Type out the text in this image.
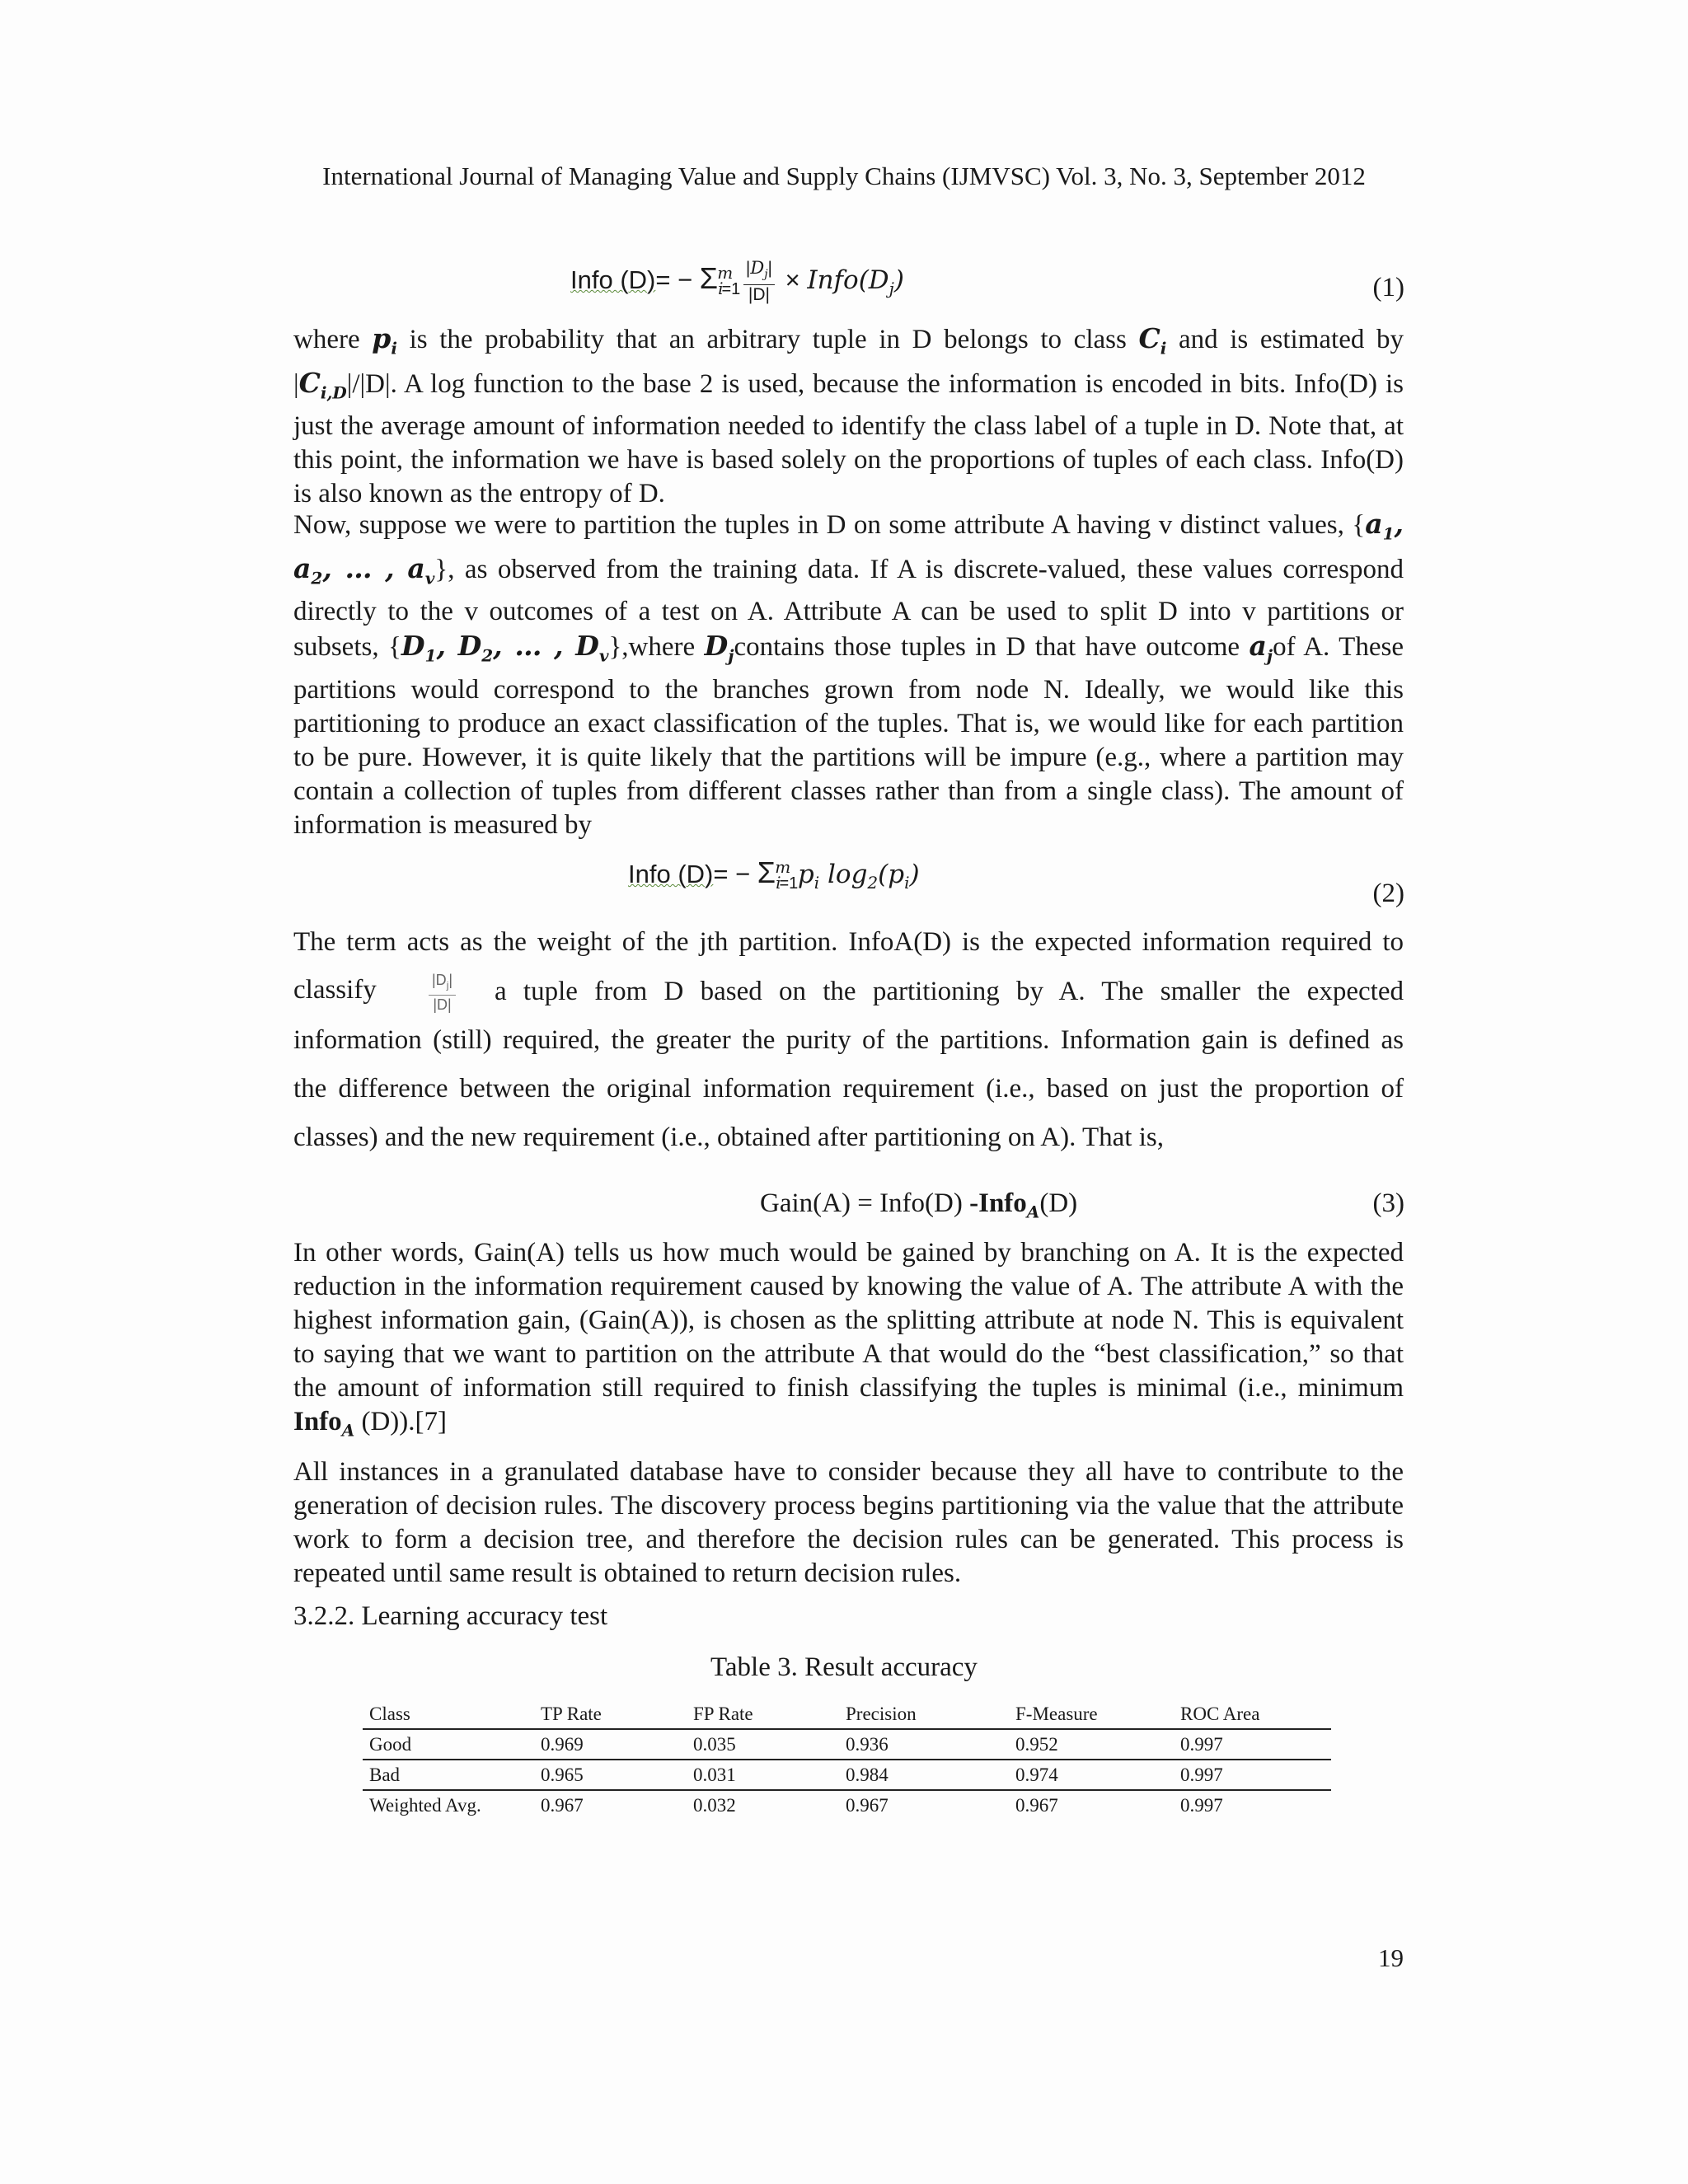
International Journal of Managing Value and Supply Chains (IJMVSC) Vol. 3, No. 3, September 2012
Info $(D)= - \Sigma_{i=1}^m \frac{|D_j|}{|D|}$ × $Info(D_j)$	(1)
where $p_i$ is the probability that an arbitrary tuple in D belongs to class $C_i$ and is estimated by $|C_{i,D}|/|D|$. A log function to the base 2 is used, because the information is encoded in bits. Info(D) is just the average amount of information needed to identify the class label of a tuple in D. Note that, at this point, the information we have is based solely on the proportions of tuples of each class. Info(D) is also known as the entropy of D.
Now, suppose we were to partition the tuples in D on some attribute A having v distinct values, {$a_1$, $a_2$, … , $a_v$}, as observed from the training data. If A is discrete-valued, these values correspond directly to the v outcomes of a test on A. Attribute A can be used to split D into v partitions or subsets, {$D_1$, $D_2$, … , $D_v\},where$ $D_jcontains$ those tuples in D that have outcome $a_jof$ A. These partitions would correspond to the branches grown from node N. Ideally, we would like this partitioning to produce an exact classification of the tuples. That is, we would like for each partition to be pure. However, it is quite likely that the partitions will be impure (e.g., where a partition may contain a collection of tuples from different classes rather than from a single class). The amount of information is measured by
Info $(D)= - \Sigma_{i=1}^m$ $p_i$ $\log_2(p_i)$
(2)
The term acts as the weight of the jth partition. InfoA(D) is the expected information required to
classify	$\frac{|D_j|}{|D|}$ a tuple from D based on the partitioning by A. The smaller the expected
information (still) required, the greater the purity of the partitions. Information gain is defined as
the difference between the original information requirement (i.e., based on just the proportion of
classes) and the new requirement (i.e., obtained after partitioning on A). That is,
Gain(A) = Info(D) -Info$_A$(D)	(3)
In other words, Gain(A) tells us how much would be gained by branching on A. It is the expected reduction in the information requirement caused by knowing the value of A. The attribute A with the highest information gain, (Gain(A)), is chosen as the splitting attribute at node N. This is equivalent to saying that we want to partition on the attribute A that would do the “best classification,” so that the amount of information still required to finish classifying the tuples is minimal (i.e., minimum Info$_A$ (D)).[7]
All instances in a granulated database have to consider because they all have to contribute to the generation of decision rules. The discovery process begins partitioning via the value that the attribute work to form a decision tree, and therefore the decision rules can be generated. This process is repeated until same result is obtained to return decision rules.
3.2.2. Learning accuracy test
Table 3. Result accuracy
Class	TP Rate	FP Rate	Precision	F-Measure	ROC Area
Good	0.969	0.035	0.936	0.952	0.997
Bad	0.965	0.031	0.984	0.974	0.997
Weighted Avg.	0.967	0.032	0.967	0.967	0.997
19
